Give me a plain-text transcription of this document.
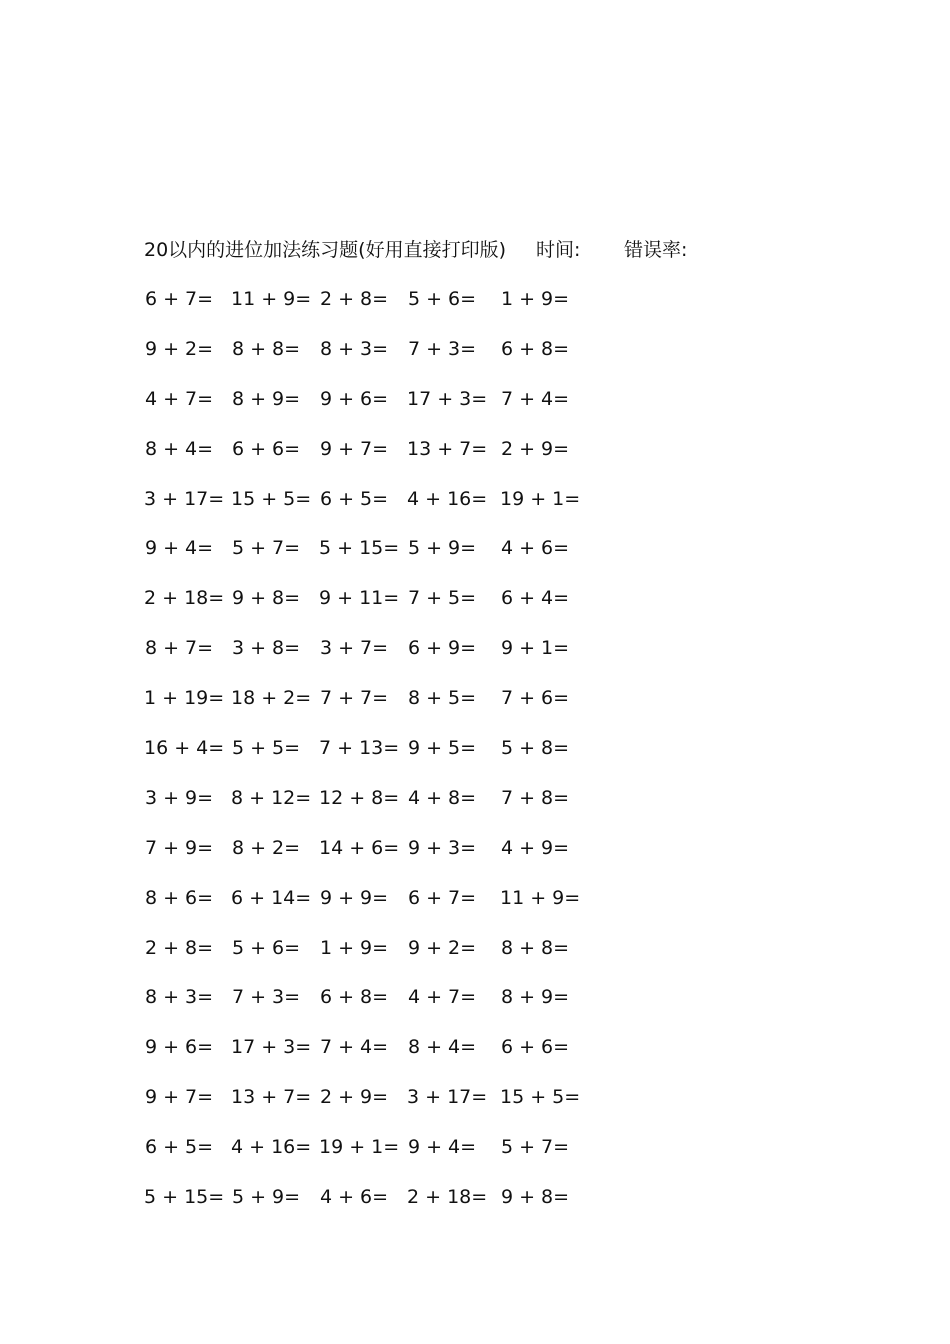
20以内的进位加法练习题(好用直接打印版) 时间: 错误率:
6 + 7= 11 + 9= 2 + 8= 5 + 6= 1 + 9=
9 + 2= 8 + 8= 8 + 3= 7 + 3= 6 + 8=
4 + 7= 8 + 9= 9 + 6= 17 + 3= 7 + 4=
8 + 4= 6 + 6= 9 + 7= 13 + 7= 2 + 9=
3 + 17= 15 + 5= 6 + 5= 4 + 16= 19 + 1=
9 + 4= 5 + 7= 5 + 15= 5 + 9= 4 + 6=
2 + 18= 9 + 8= 9 + 11= 7 + 5= 6 + 4=
8 + 7= 3 + 8= 3 + 7= 6 + 9= 9 + 1=
1 + 19= 18 + 2= 7 + 7= 8 + 5= 7 + 6=
16 + 4= 5 + 5= 7 + 13= 9 + 5= 5 + 8=
3 + 9= 8 + 12= 12 + 8= 4 + 8= 7 + 8=
7 + 9= 8 + 2= 14 + 6= 9 + 3= 4 + 9=
8 + 6= 6 + 14= 9 + 9= 6 + 7= 11 + 9=
2 + 8= 5 + 6= 1 + 9= 9 + 2= 8 + 8=
8 + 3= 7 + 3= 6 + 8= 4 + 7= 8 + 9=
9 + 6= 17 + 3= 7 + 4= 8 + 4= 6 + 6=
9 + 7= 13 + 7= 2 + 9= 3 + 17= 15 + 5=
6 + 5= 4 + 16= 19 + 1= 9 + 4= 5 + 7=
5 + 15= 5 + 9= 4 + 6= 2 + 18= 9 + 8=
